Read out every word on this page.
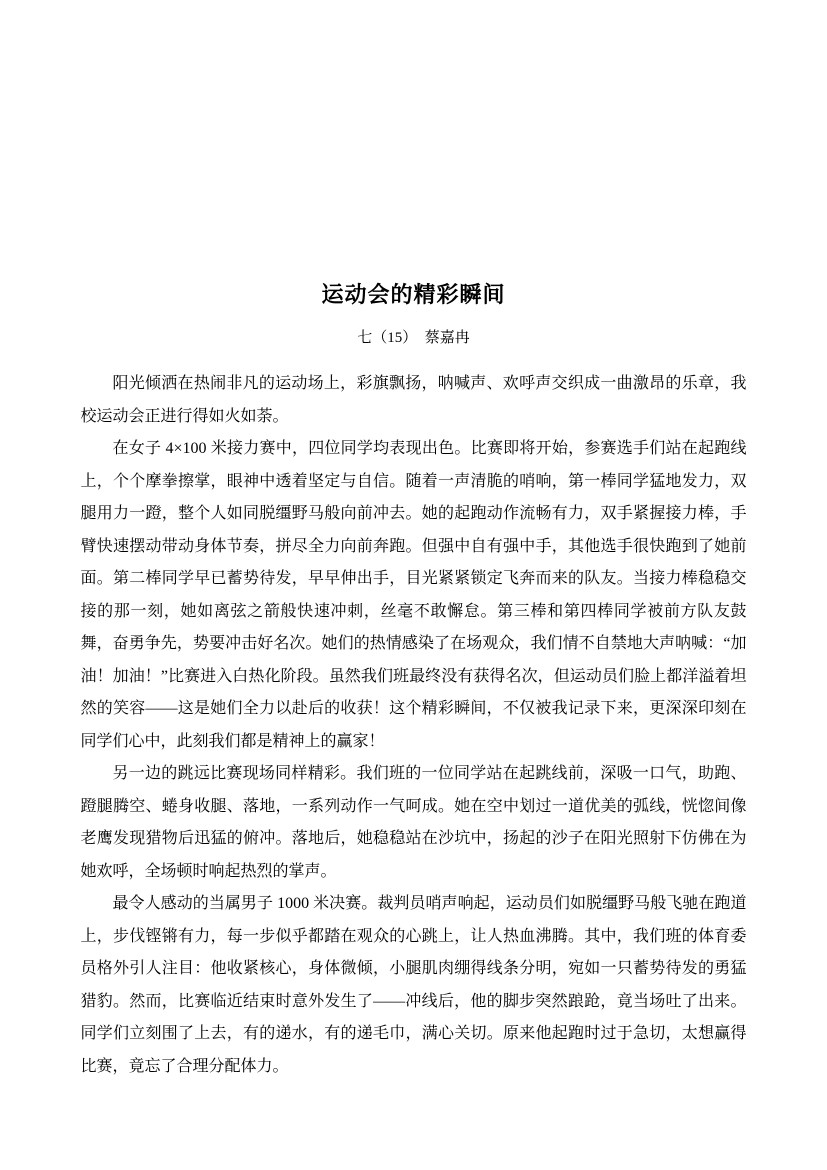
运动会的精彩瞬间
七（15）　蔡嘉冉

阳光倾洒在热闹非凡的运动场上，彩旗飘扬，呐喊声、欢呼声交织成一曲激昂的乐章，我校运动会正进行得如火如荼。

在女子 4×100 米接力赛中，四位同学均表现出色。比赛即将开始，参赛选手们站在起跑线上，个个摩拳擦掌，眼神中透着坚定与自信。随着一声清脆的哨响，第一棒同学猛地发力，双腿用力一蹬，整个人如同脱缰野马般向前冲去。她的起跑动作流畅有力，双手紧握接力棒，手臂快速摆动带动身体节奏，拼尽全力向前奔跑。但强中自有强中手，其他选手很快跑到了她前面。第二棒同学早已蓄势待发，早早伸出手，目光紧紧锁定飞奔而来的队友。当接力棒稳稳交接的那一刻，她如离弦之箭般快速冲刺，丝毫不敢懈怠。第三棒和第四棒同学被前方队友鼓舞，奋勇争先，势要冲击好名次。她们的热情感染了在场观众，我们情不自禁地大声呐喊：“加油！加油！”比赛进入白热化阶段。虽然我们班最终没有获得名次，但运动员们脸上都洋溢着坦然的笑容——这是她们全力以赴后的收获！这个精彩瞬间，不仅被我记录下来，更深深印刻在同学们心中，此刻我们都是精神上的赢家！

另一边的跳远比赛现场同样精彩。我们班的一位同学站在起跳线前，深吸一口气，助跑、蹬腿腾空、蜷身收腿、落地，一系列动作一气呵成。她在空中划过一道优美的弧线，恍惚间像老鹰发现猎物后迅猛的俯冲。落地后，她稳稳站在沙坑中，扬起的沙子在阳光照射下仿佛在为她欢呼，全场顿时响起热烈的掌声。

最令人感动的当属男子 1000 米决赛。裁判员哨声响起，运动员们如脱缰野马般飞驰在跑道上，步伐铿锵有力，每一步似乎都踏在观众的心跳上，让人热血沸腾。其中，我们班的体育委员格外引人注目：他收紧核心，身体微倾，小腿肌肉绷得线条分明，宛如一只蓄势待发的勇猛猎豹。然而，比赛临近结束时意外发生了——冲线后，他的脚步突然踉跄，竟当场吐了出来。同学们立刻围了上去，有的递水，有的递毛巾，满心关切。原来他起跑时过于急切，太想赢得比赛，竟忘了合理分配体力。
